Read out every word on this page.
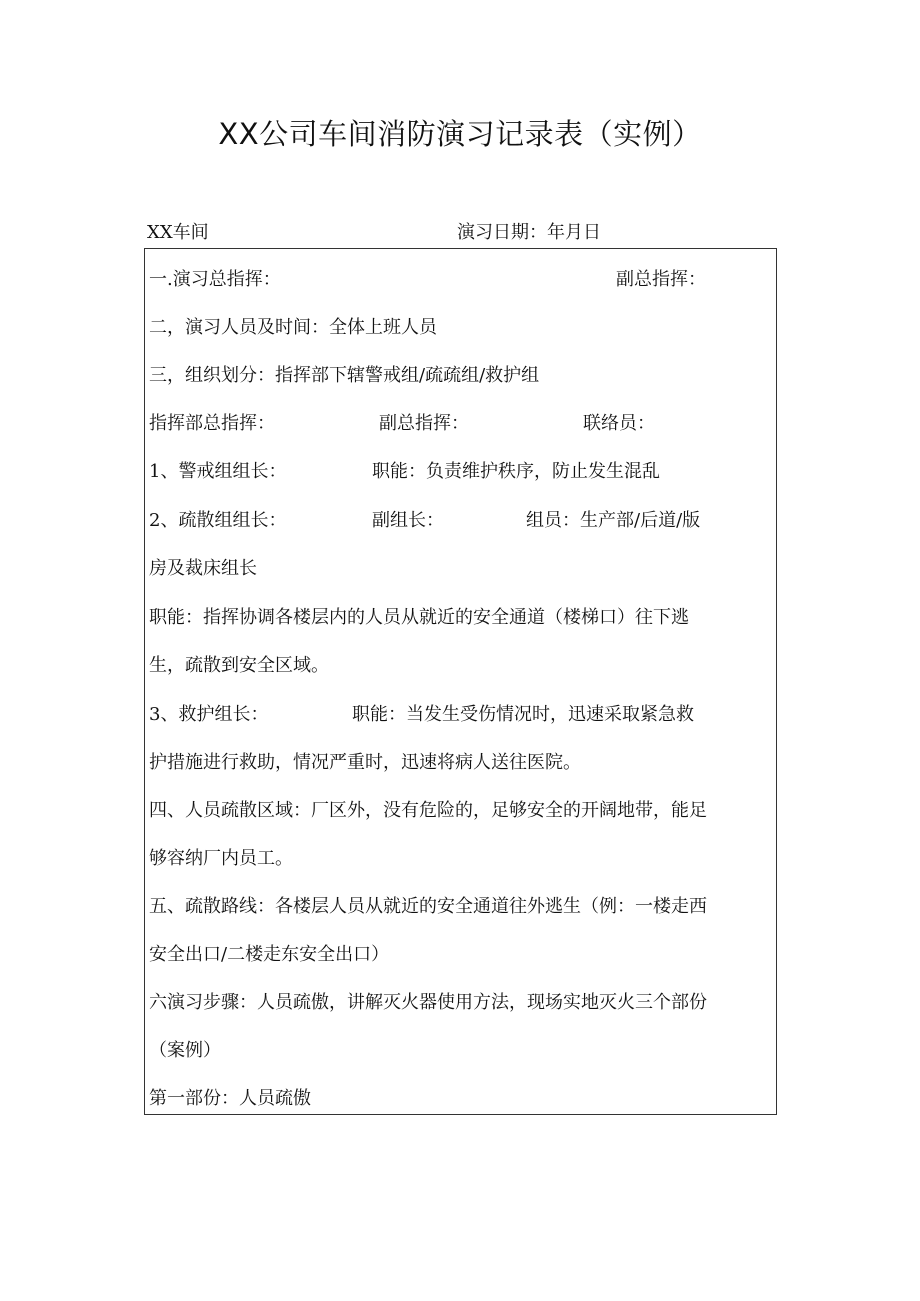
XX公司车间消防演习记录表（实例）
XX车间	演习日期：年月日
一.演习总指挥：	副总指挥：
二，演习人员及时间：全体上班人员
三，组织划分：指挥部下辖警戒组/疏疏组/救护组
指挥部总指挥：	副总指挥：	联络员：
1、警戒组组长：	职能：负责维护秩序，防止发生混乱
2、疏散组组长：	副组长：	组员：生产部/后道/版
房及裁床组长
职能：指挥协调各楼层内的人员从就近的安全通道（楼梯口）往下逃
生，疏散到安全区域。
3、救护组长：	职能：当发生受伤情况时，迅速采取紧急救
护措施进行救助，情况严重时，迅速将病人送往医院。
四、人员疏散区域：厂区外，没有危险的，足够安全的开阔地带，能足
够容纳厂内员工。
五、疏散路线：各楼层人员从就近的安全通道往外逃生（例：一楼走西
安全出口/二楼走东安全出口）
六演习步骤：人员疏傲，讲解灭火器使用方法，现场实地灭火三个部份
（案例）
第一部份：人员疏傲
